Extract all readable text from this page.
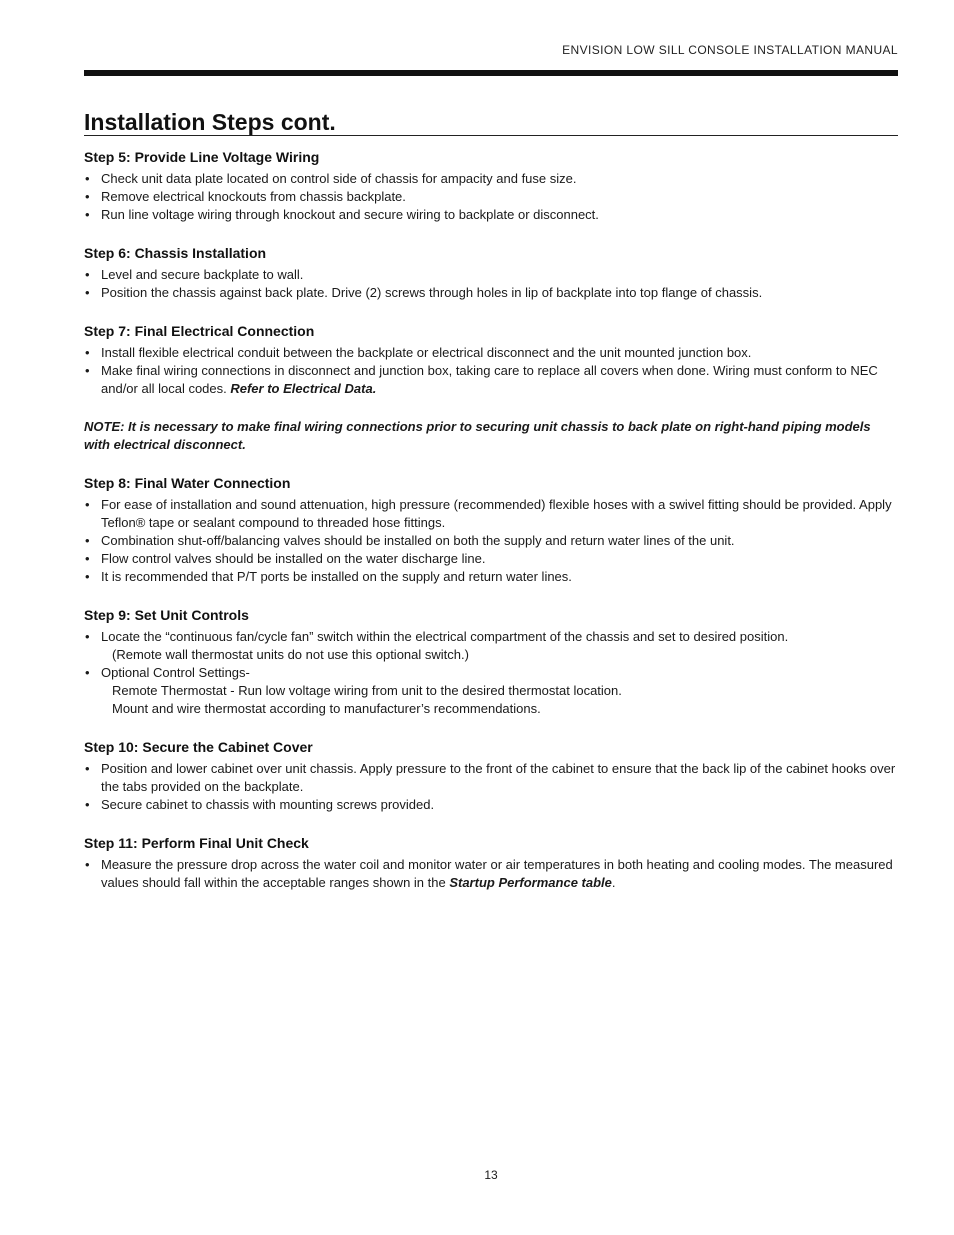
ENVISION LOW SILL CONSOLE INSTALLATION MANUAL
Installation Steps cont.
Step 5: Provide Line Voltage Wiring
• Check unit data plate located on control side of chassis for ampacity and fuse size.
• Remove electrical knockouts from chassis backplate.
• Run line voltage wiring through knockout and secure wiring to backplate or disconnect.
Step 6: Chassis Installation
• Level and secure backplate to wall.
• Position the chassis against back plate. Drive (2) screws through holes in lip of backplate into top flange of chassis.
Step 7: Final Electrical Connection
• Install flexible electrical conduit between the backplate or electrical disconnect and the unit mounted junction box.
• Make final wiring connections in disconnect and junction box, taking care to replace all covers when done. Wiring must conform to NEC and/or all local codes. Refer to Electrical Data.

NOTE: It is necessary to make final wiring connections prior to securing unit chassis to back plate on right-hand piping models with electrical disconnect.

Step 8: Final Water Connection
• For ease of installation and sound attenuation, high pressure (recommended) flexible hoses with a swivel fitting should be provided. Apply Teflon® tape or sealant compound to threaded hose fittings.
• Combination shut-off/balancing valves should be installed on both the supply and return water lines of the unit.
• Flow control valves should be installed on the water discharge line.
• It is recommended that P/T ports be installed on the supply and return water lines.
Step 9: Set Unit Controls
• Locate the “continuous fan/cycle fan” switch within the electrical compartment of the chassis and set to desired position.
(Remote wall thermostat units do not use this optional switch.)
• Optional Control Settings-
Remote Thermostat - Run low voltage wiring from unit to the desired thermostat location.
Mount and wire thermostat according to manufacturer’s recommendations.
Step 10: Secure the Cabinet Cover
• Position and lower cabinet over unit chassis. Apply pressure to the front of the cabinet to ensure that the back lip of the cabinet hooks over the tabs provided on the backplate.
• Secure cabinet to chassis with mounting screws provided.
Step 11: Perform Final Unit Check
• Measure the pressure drop across the water coil and monitor water or air temperatures in both heating and cooling modes. The measured values should fall within the acceptable ranges shown in the Startup Performance table.
13
